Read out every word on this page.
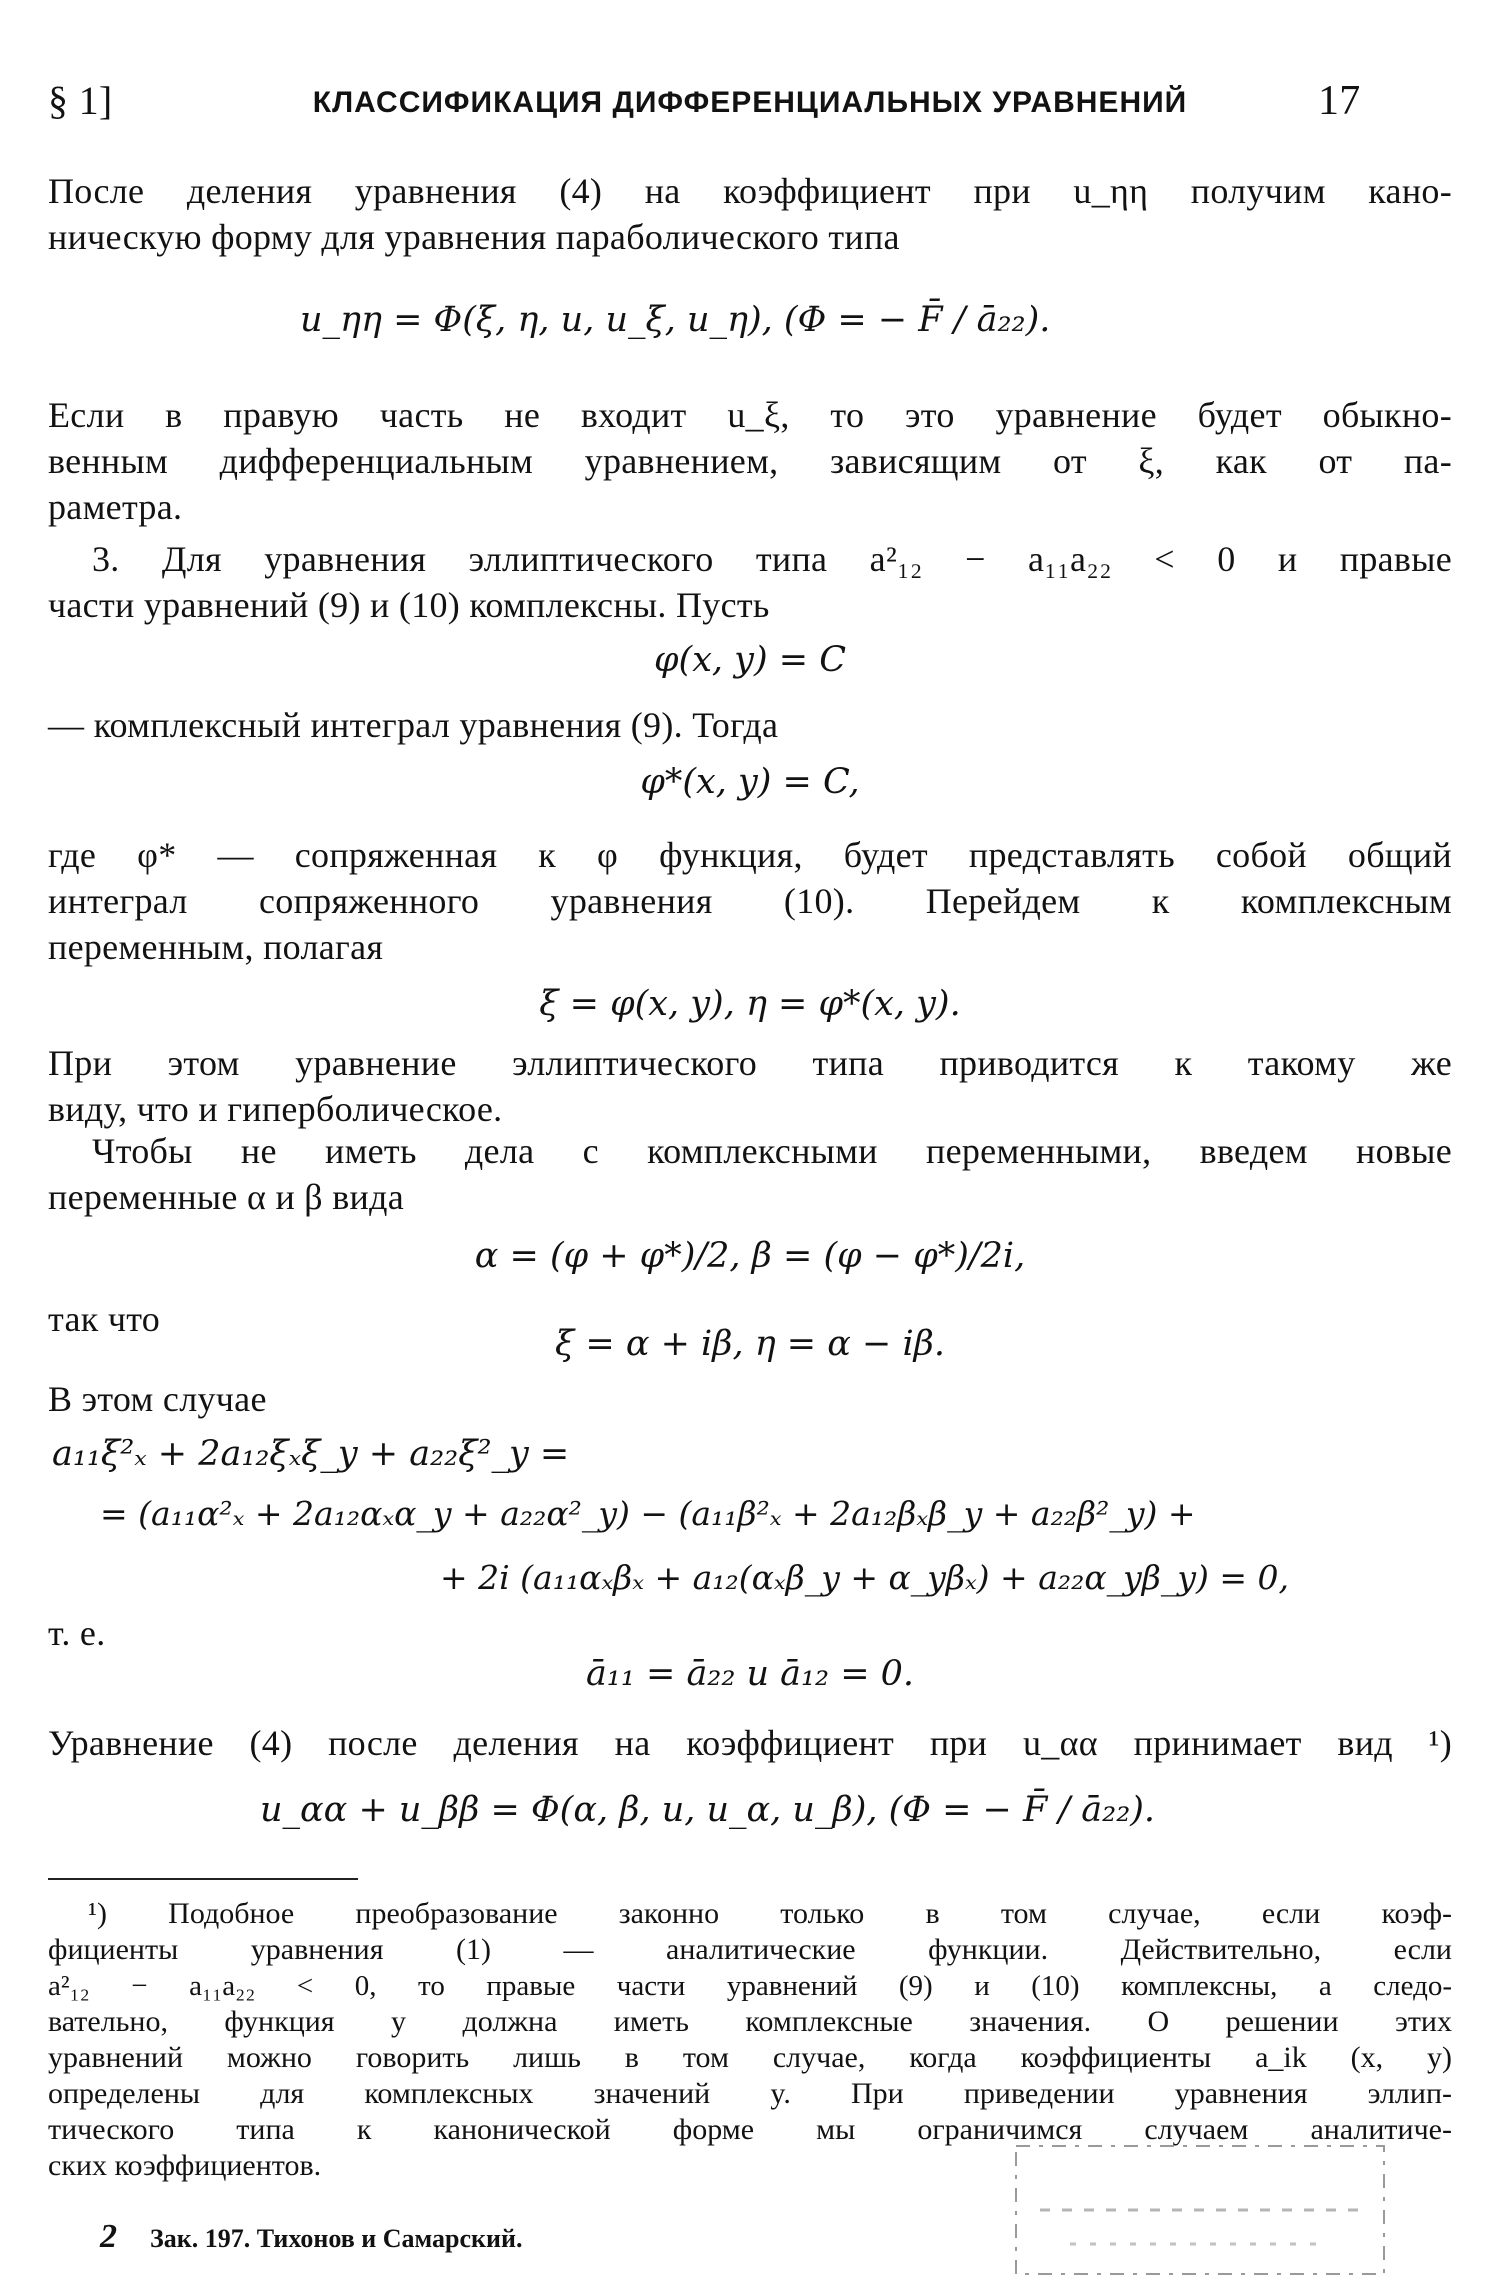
§ 1]	КЛАССИФИКАЦИЯ ДИФФЕРЕНЦИАЛЬНЫХ УРАВНЕНИЙ	17
После деления уравнения (4) на коэффициент при u_ηη получим кано-
ническую форму для уравнения параболического типа
u_ηη = Φ(ξ, η, u, u_ξ, u_η), (Φ = − F̄ / ā₂₂).
Если в правую часть не входит u_ξ, то это уравнение будет обыкно-
венным дифференциальным уравнением, зависящим от ξ, как от па-
раметра.
3. Для уравнения эллиптического типа a²₁₂ − a₁₁a₂₂ < 0 и правые
части уравнений (9) и (10) комплексны. Пусть
φ(x, y) = C
— комплексный интеграл уравнения (9). Тогда
φ*(x, y) = C,
где φ* — сопряженная к φ функция, будет представлять собой общий
интеграл сопряженного уравнения (10). Перейдем к комплексным
переменным, полагая
ξ = φ(x, y), η = φ*(x, y).
При этом уравнение эллиптического типа приводится к такому же
виду, что и гиперболическое.
Чтобы не иметь дела с комплексными переменными, введем новые
переменные α и β вида
α = (φ + φ*)/2, β = (φ − φ*)/2i,
так что
ξ = α + iβ, η = α − iβ.
В этом случае
a₁₁ξ²ₓ + 2a₁₂ξₓξ_y + a₂₂ξ²_y =
= (a₁₁α²ₓ + 2a₁₂αₓα_y + a₂₂α²_y) − (a₁₁β²ₓ + 2a₁₂βₓβ_y + a₂₂β²_y) +
+ 2i (a₁₁αₓβₓ + a₁₂(αₓβ_y + α_yβₓ) + a₂₂α_yβ_y) = 0,
т. е.
ā₁₁ = ā₂₂ и ā₁₂ = 0.
Уравнение (4) после деления на коэффициент при u_αα принимает вид ¹)
u_αα + u_ββ = Φ(α, β, u, u_α, u_β), (Φ = − F̄ / ā₂₂).
¹) Подобное преобразование законно только в том случае, если коэф-
фициенты уравнения (1) — аналитические функции. Действительно, если
a²₁₂ − a₁₁a₂₂ < 0, то правые части уравнений (9) и (10) комплексны, а следо-
вательно, функция y должна иметь комплексные значения. О решении этих
уравнений можно говорить лишь в том случае, когда коэффициенты a_ik (x, y)
определены для комплексных значений y. При приведении уравнения эллип-
тического типа к канонической форме мы ограничимся случаем аналитиче-
ских коэффициентов.
2 Зак. 197. Тихонов и Самарский.
